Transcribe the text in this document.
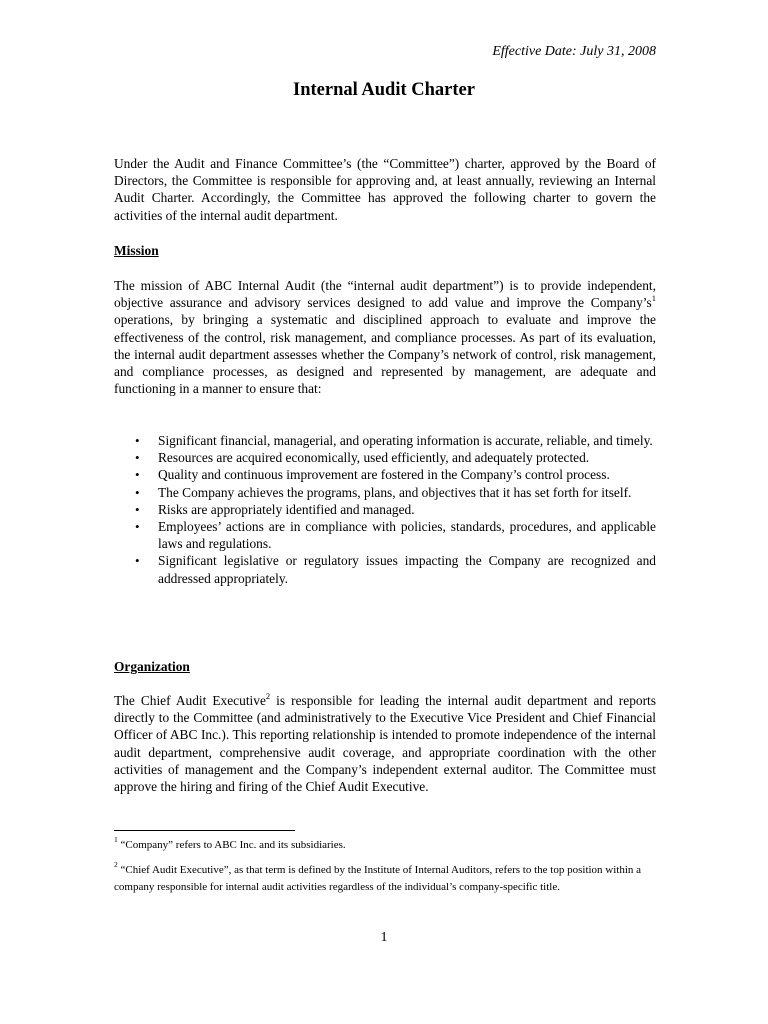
Effective Date: July 31, 2008

Internal Audit Charter

Under the Audit and Finance Committee’s (the “Committee”) charter, approved by the Board of Directors, the Committee is responsible for approving and, at least annually, reviewing an Internal Audit Charter. Accordingly, the Committee has approved the following charter to govern the activities of the internal audit department.

Mission

The mission of ABC Internal Audit (the “internal audit department”) is to provide independent, objective assurance and advisory services designed to add value and improve the Company’s$^1$ operations, by bringing a systematic and disciplined approach to evaluate and improve the effectiveness of the control, risk management, and compliance processes. As part of its evaluation, the internal audit department assesses whether the Company’s network of control, risk management, and compliance processes, as designed and represented by management, are adequate and functioning in a manner to ensure that:

• Significant financial, managerial, and operating information is accurate, reliable, and timely.
• Resources are acquired economically, used efficiently, and adequately protected.
• Quality and continuous improvement are fostered in the Company’s control process.
• The Company achieves the programs, plans, and objectives that it has set forth for itself.
• Risks are appropriately identified and managed.
• Employees’ actions are in compliance with policies, standards, procedures, and applicable laws and regulations.
• Significant legislative or regulatory issues impacting the Company are recognized and addressed appropriately.

Organization

The Chief Audit Executive$^2$ is responsible for leading the internal audit department and reports directly to the Committee (and administratively to the Executive Vice President and Chief Financial Officer of ABC Inc.). This reporting relationship is intended to promote independence of the internal audit department, comprehensive audit coverage, and appropriate coordination with the other activities of management and the Company’s independent external auditor. The Committee must approve the hiring and firing of the Chief Audit Executive.

$^1$ “Company” refers to ABC Inc. and its subsidiaries.
$^2$ “Chief Audit Executive”, as that term is defined by the Institute of Internal Auditors, refers to the top position within a company responsible for internal audit activities regardless of the individual’s company-specific title.

1
